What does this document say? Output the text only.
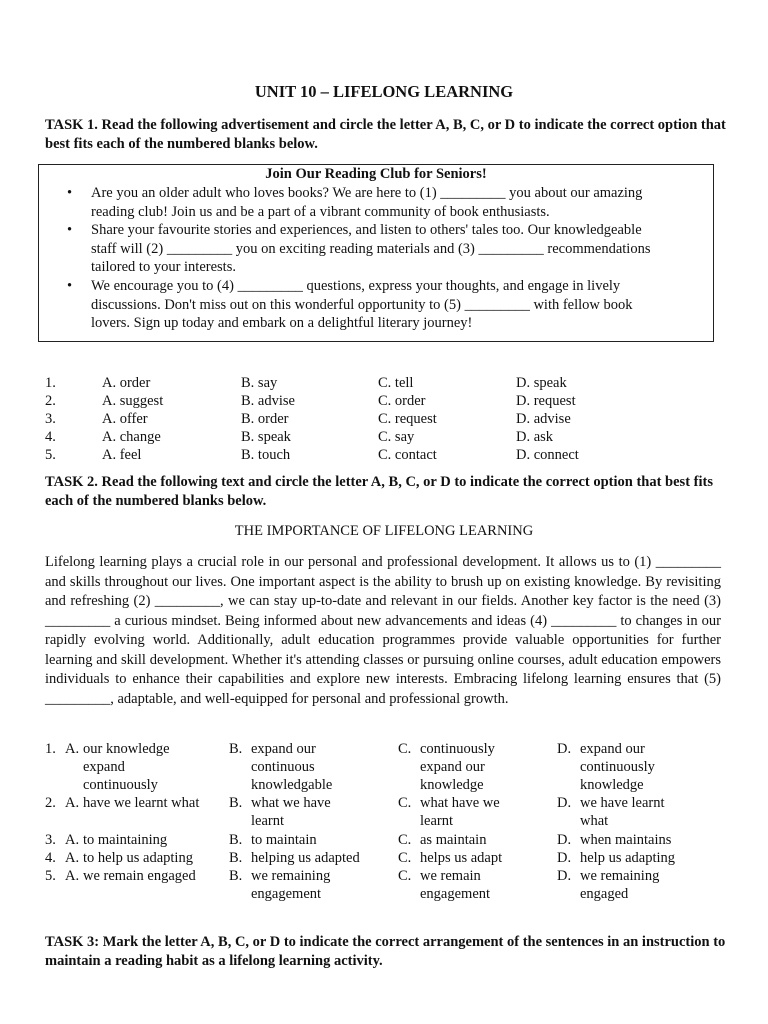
UNIT 10 – LIFELONG LEARNING
TASK 1. Read the following advertisement and circle the letter A, B, C, or D to indicate the correct option that best fits each of the numbered blanks below.
Join Our Reading Club for Seniors!
• Are you an older adult who loves books? We are here to (1) _________ you about our amazing
reading club! Join us and be a part of a vibrant community of book enthusiasts.
• Share your favourite stories and experiences, and listen to others' tales too. Our knowledgeable
staff will (2) _________ you on exciting reading materials and (3) _________ recommendations
tailored to your interests.
• We encourage you to (4) _________ questions, express your thoughts, and engage in lively
discussions. Don't miss out on this wonderful opportunity to (5) _________ with fellow book
lovers. Sign up today and embark on a delightful literary journey!
1.	A. order	B. say	C. tell	D. speak
2.	A. suggest	B. advise	C. order	D. request
3.	A. offer	B. order	C. request	D. advise
4.	A. change	B. speak	C. say	D. ask
5.	A. feel	B. touch	C. contact	D. connect
TASK 2. Read the following text and circle the letter A, B, C, or D to indicate the correct option that best fits each of the numbered blanks below.
THE IMPORTANCE OF LIFELONG LEARNING
Lifelong learning plays a crucial role in our personal and professional development. It allows us to (1) _________ and skills throughout our lives. One important aspect is the ability to brush up on existing knowledge. By revisiting and refreshing (2) _________, we can stay up-to-date and relevant in our fields. Another key factor is the need (3) _________ a curious mindset. Being informed about new advancements and ideas (4) _________ to changes in our rapidly evolving world. Additionally, adult education programmes provide valuable opportunities for further learning and skill development. Whether it's attending classes or pursuing online courses, adult education empowers individuals to enhance their capabilities and explore new interests. Embracing lifelong learning ensures that (5) _________, adaptable, and well-equipped for personal and professional growth.
1. A. our knowledge
expand
continuously
B. expand our
continuous
knowledgable
C. continuously
expand our
knowledge
D. expand our
continuously
knowledge
2. A. have we learnt what B. what we have
learnt
C. what have we
learnt
D. we have learnt
what
3. A. to maintaining	B. to maintain	C. as maintain	D. when maintains
4. A. to help us adapting B. helping us adapted	C. helps us adapt	D. help us adapting
5. A. we remain engaged B. we remaining
engagement
C. we remain
engagement
D. we remaining
engaged
TASK 3: Mark the letter A, B, C, or D to indicate the correct arrangement of the sentences in an instruction to maintain a reading habit as a lifelong learning activity.
